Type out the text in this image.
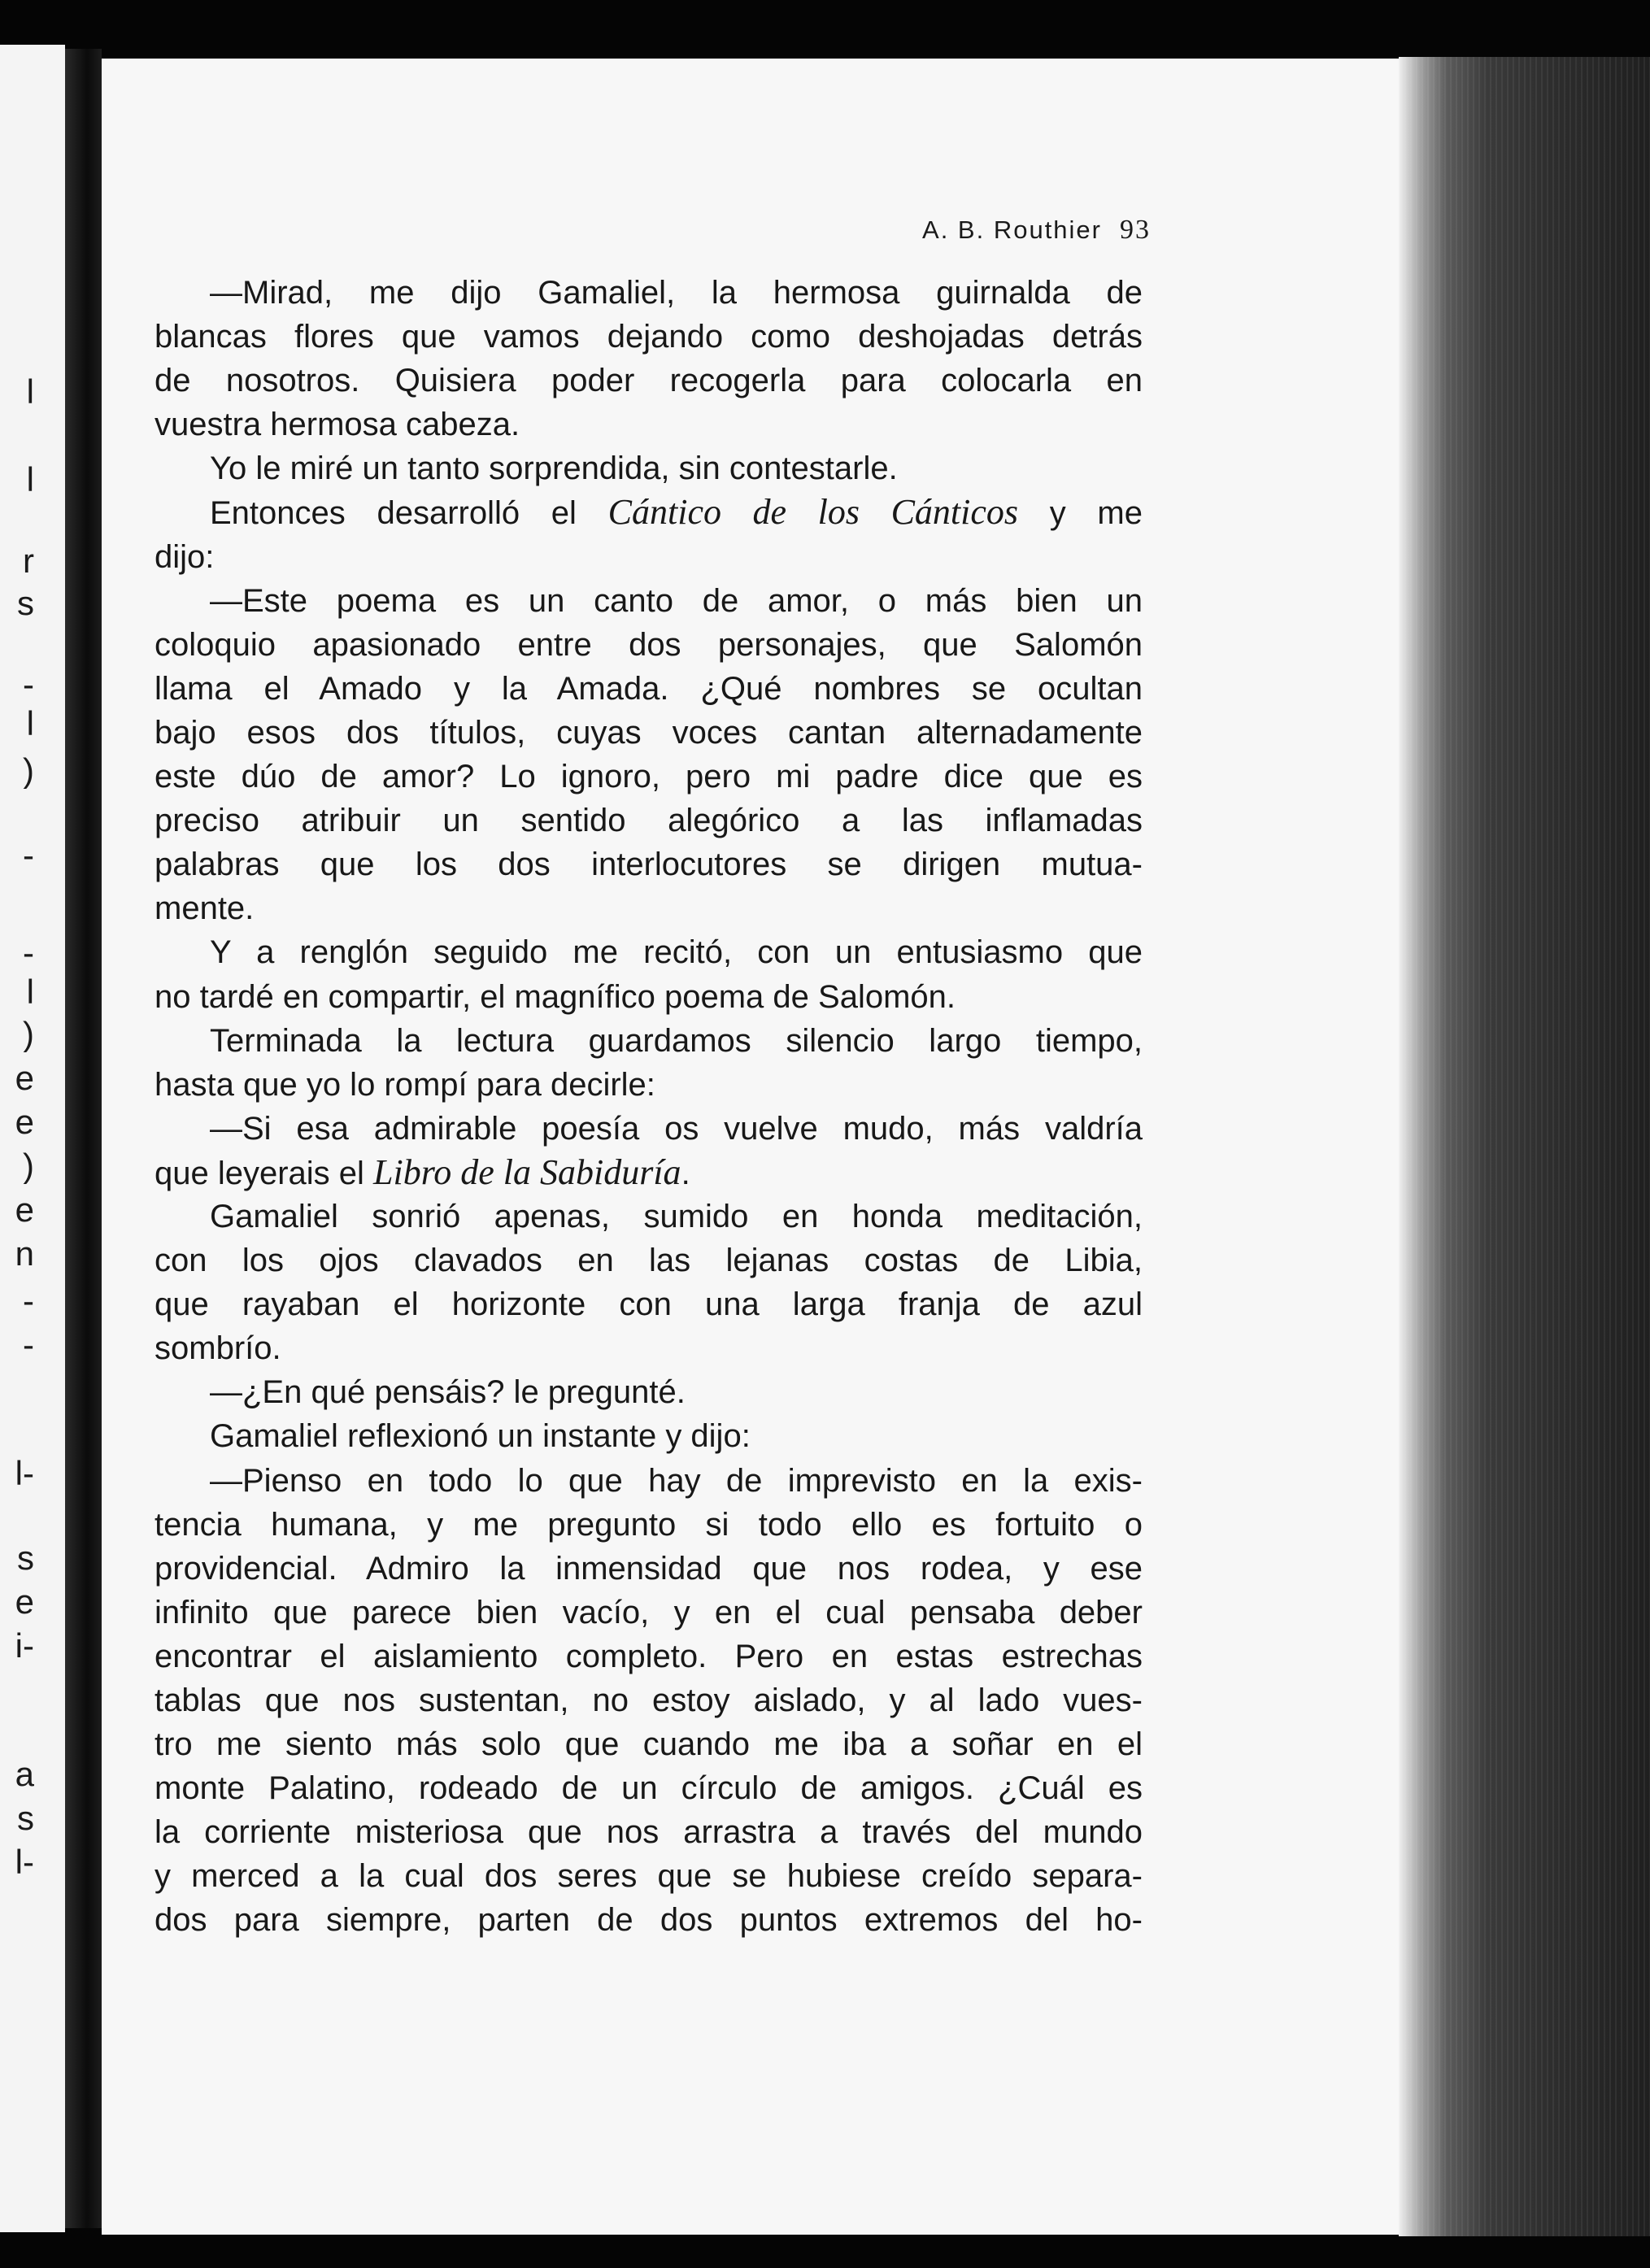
A. B. Routhier 93
—Mirad, me dijo Gamaliel, la hermosa guirnalda de
blancas flores que vamos dejando como deshojadas detrás
de nosotros. Quisiera poder recogerla para colocarla en
vuestra hermosa cabeza.
Yo le miré un tanto sorprendida, sin contestarle.
Entonces desarrolló el Cántico de los Cánticos y me
dijo:
—Este poema es un canto de amor, o más bien un
coloquio apasionado entre dos personajes, que Salomón
llama el Amado y la Amada. ¿Qué nombres se ocultan
bajo esos dos títulos, cuyas voces cantan alternadamente
este dúo de amor? Lo ignoro, pero mi padre dice que es
preciso atribuir un sentido alegórico a las inflamadas
palabras que los dos interlocutores se dirigen mutua-
mente.
Y a renglón seguido me recitó, con un entusiasmo que
no tardé en compartir, el magnífico poema de Salomón.
Terminada la lectura guardamos silencio largo tiempo,
hasta que yo lo rompí para decirle:
—Si esa admirable poesía os vuelve mudo, más valdría
que leyerais el Libro de la Sabiduría.
Gamaliel sonrió apenas, sumido en honda meditación,
con los ojos clavados en las lejanas costas de Libia,
que rayaban el horizonte con una larga franja de azul
sombrío.
—¿En qué pensáis? le pregunté.
Gamaliel reflexionó un instante y dijo:
—Pienso en todo lo que hay de imprevisto en la exis-
tencia humana, y me pregunto si todo ello es fortuito o
providencial. Admiro la inmensidad que nos rodea, y ese
infinito que parece bien vacío, y en el cual pensaba deber
encontrar el aislamiento completo. Pero en estas estrechas
tablas que nos sustentan, no estoy aislado, y al lado vues-
tro me siento más solo que cuando me iba a soñar en el
monte Palatino, rodeado de un círculo de amigos. ¿Cuál es
la corriente misteriosa que nos arrastra a través del mundo
y merced a la cual dos seres que se hubiese creído separa-
dos para siempre, parten de dos puntos extremos del ho-
l
l
r
s
-
l
)
-
-
l
)
e
e
)
e
n
-
-
l-
s
e
i-
a
s
l-
